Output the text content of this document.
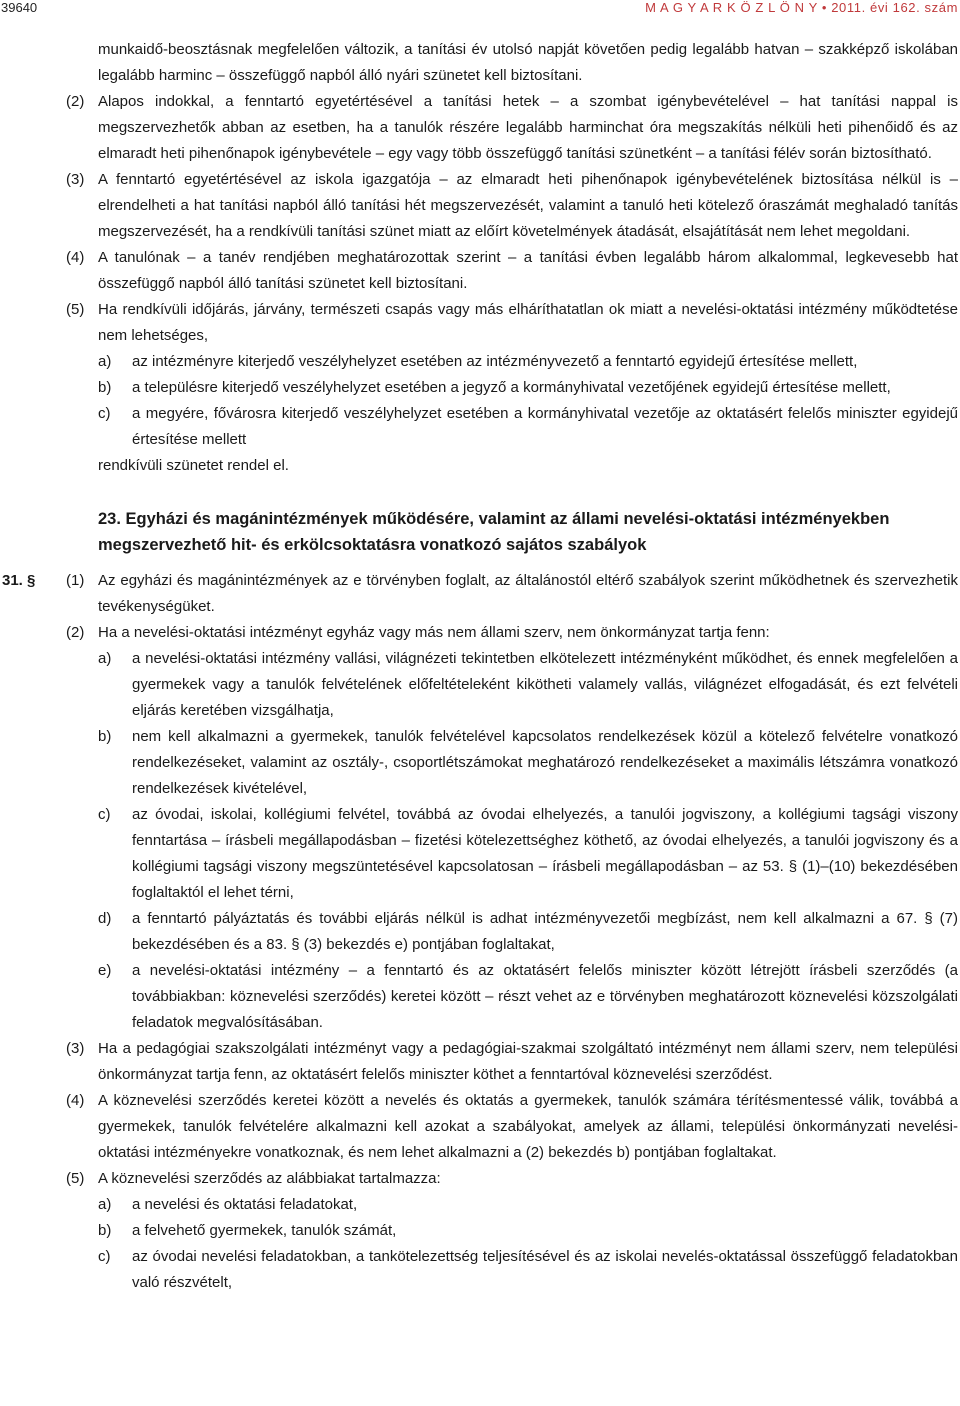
39640	M A G Y A R K Ö Z L Ö N Y • 2011. évi 162. szám
munkaidő-beosztásnak megfelelően változik, a tanítási év utolsó napját követően pedig legalább hatvan – szakképző iskolában legalább harminc – összefüggő napból álló nyári szünetet kell biztosítani.
(2) Alapos indokkal, a fenntartó egyetértésével a tanítási hetek – a szombat igénybevételével – hat tanítási nappal is megszervezhetők abban az esetben, ha a tanulók részére legalább harminchat óra megszakítás nélküli heti pihenőidő és az elmaradt heti pihenőnapok igénybevétele – egy vagy több összefüggő tanítási szünetként – a tanítási félév során biztosítható.
(3) A fenntartó egyetértésével az iskola igazgatója – az elmaradt heti pihenőnapok igénybevételének biztosítása nélkül is – elrendelheti a hat tanítási napból álló tanítási hét megszervezését, valamint a tanuló heti kötelező óraszámát meghaladó tanítás megszervezését, ha a rendkívüli tanítási szünet miatt az előírt követelmények átadását, elsajátítását nem lehet megoldani.
(4) A tanulónak – a tanév rendjében meghatározottak szerint – a tanítási évben legalább három alkalommal, legkevesebb hat összefüggő napból álló tanítási szünetet kell biztosítani.
(5) Ha rendkívüli időjárás, járvány, természeti csapás vagy más elháríthatatlan ok miatt a nevelési-oktatási intézmény működtetése nem lehetséges,
a) az intézményre kiterjedő veszélyhelyzet esetében az intézményvezető a fenntartó egyidejű értesítése mellett,
b) a településre kiterjedő veszélyhelyzet esetében a jegyző a kormányhivatal vezetőjének egyidejű értesítése mellett,
c) a megyére, fővárosra kiterjedő veszélyhelyzet esetében a kormányhivatal vezetője az oktatásért felelős miniszter egyidejű értesítése mellett
rendkívüli szünetet rendel el.
23. Egyházi és magánintézmények működésére, valamint az állami nevelési-oktatási intézményekben megszervezhető hit- és erkölcsoktatásra vonatkozó sajátos szabályok
31. § (1) Az egyházi és magánintézmények az e törvényben foglalt, az általánostól eltérő szabályok szerint működhetnek és szervezhetik tevékenységüket.
(2) Ha a nevelési-oktatási intézményt egyház vagy más nem állami szerv, nem önkormányzat tartja fenn:
a) a nevelési-oktatási intézmény vallási, világnézeti tekintetben elkötelezett intézményként működhet, és ennek megfelelően a gyermekek vagy a tanulók felvételének előfeltételeként kikötheti valamely vallás, világnézet elfogadását, és ezt felvételi eljárás keretében vizsgálhatja,
b) nem kell alkalmazni a gyermekek, tanulók felvételével kapcsolatos rendelkezések közül a kötelező felvételre vonatkozó rendelkezéseket, valamint az osztály-, csoportlétszámokat meghatározó rendelkezéseket a maximális létszámra vonatkozó rendelkezések kivételével,
c) az óvodai, iskolai, kollégiumi felvétel, továbbá az óvodai elhelyezés, a tanulói jogviszony, a kollégiumi tagsági viszony fenntartása – írásbeli megállapodásban – fizetési kötelezettséghez köthető, az óvodai elhelyezés, a tanulói jogviszony és a kollégiumi tagsági viszony megszüntetésével kapcsolatosan – írásbeli megállapodásban – az 53. § (1)–(10) bekezdésében foglaltaktól el lehet térni,
d) a fenntartó pályáztatás és további eljárás nélkül is adhat intézményvezetői megbízást, nem kell alkalmazni a 67. § (7) bekezdésében és a 83. § (3) bekezdés e) pontjában foglaltakat,
e) a nevelési-oktatási intézmény – a fenntartó és az oktatásért felelős miniszter között létrejött írásbeli szerződés (a továbbiakban: köznevelési szerződés) keretei között – részt vehet az e törvényben meghatározott köznevelési közszolgálati feladatok megvalósításában.
(3) Ha a pedagógiai szakszolgálati intézményt vagy a pedagógiai-szakmai szolgáltató intézményt nem állami szerv, nem települési önkormányzat tartja fenn, az oktatásért felelős miniszter köthet a fenntartóval köznevelési szerződést.
(4) A köznevelési szerződés keretei között a nevelés és oktatás a gyermekek, tanulók számára térítésmentessé válik, továbbá a gyermekek, tanulók felvételére alkalmazni kell azokat a szabályokat, amelyek az állami, települési önkormányzati nevelési-oktatási intézményekre vonatkoznak, és nem lehet alkalmazni a (2) bekezdés b) pontjában foglaltakat.
(5) A köznevelési szerződés az alábbiakat tartalmazza:
a) a nevelési és oktatási feladatokat,
b) a felvehető gyermekek, tanulók számát,
c) az óvodai nevelési feladatokban, a tankötelezettség teljesítésével és az iskolai nevelés-oktatással összefüggő feladatokban való részvételt,
